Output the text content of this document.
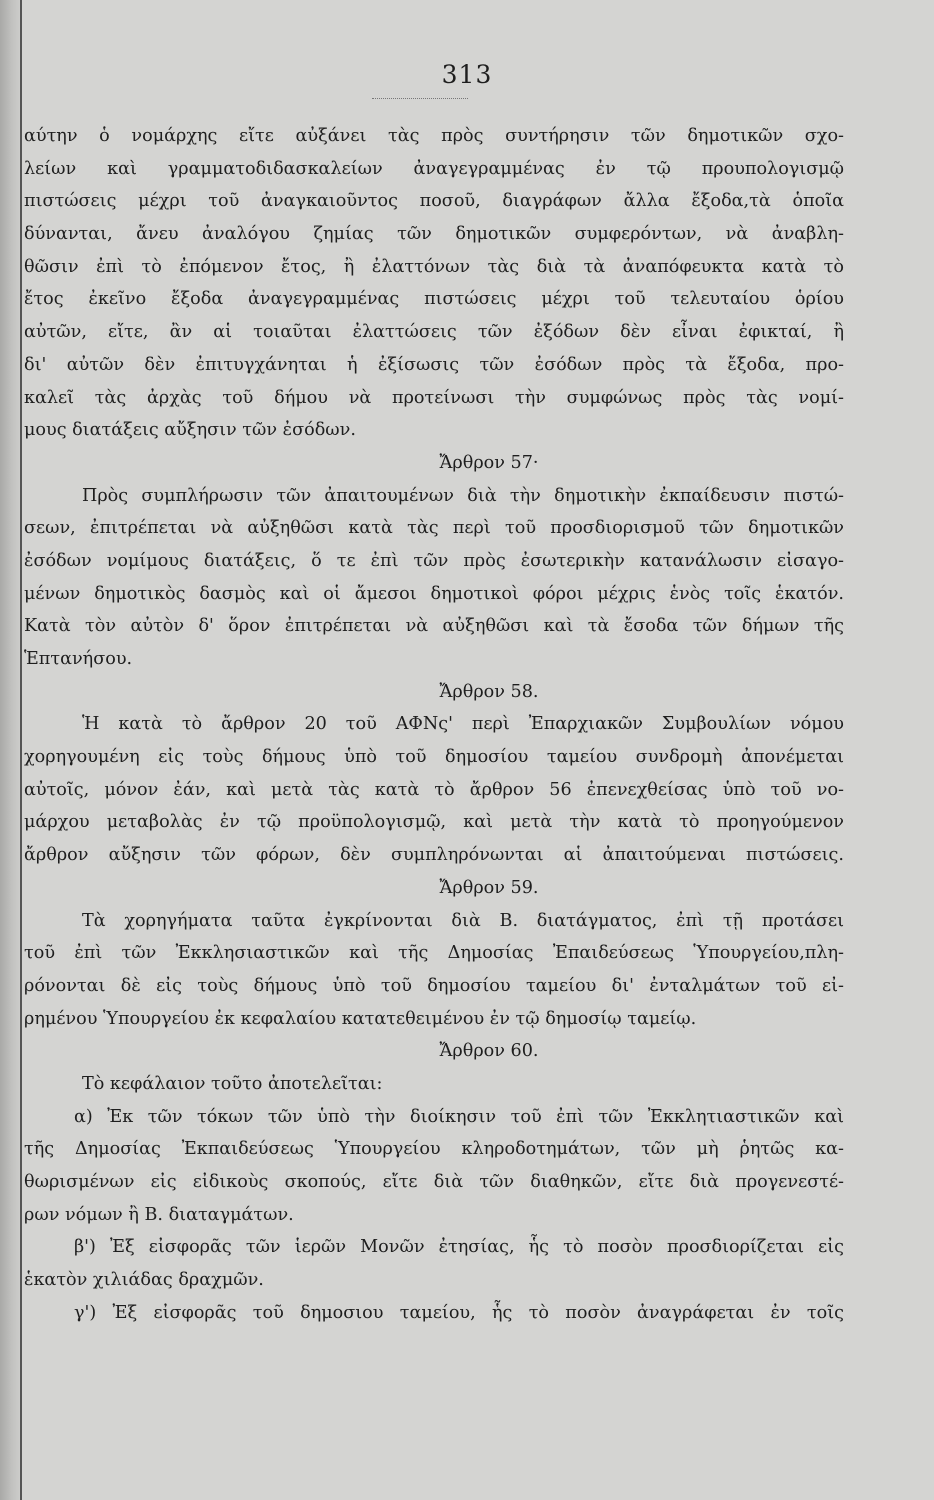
313
αύτην ὁ νομάρχης εἴτε αὐξάνει τὰς πρὸς συντήρησιν τῶν δημοτικῶν σχο-
λείων καὶ γραμματοδιδασκαλείων ἀναγεγραμμένας ἐν τῷ προυπολογισμῷ
πιστώσεις μέχρι τοῦ ἀναγκαιοῦντος ποσοῦ, διαγράφων ἄλλα ἔξοδα,τὰ ὁποῖα
δύνανται, ἄνευ ἀναλόγου ζημίας τῶν δημοτικῶν συμφερόντων, νὰ ἀναβλη-
θῶσιν ἐπὶ τὸ ἐπόμενον ἔτος, ἢ ἐλαττόνων τὰς διὰ τὰ ἀναπόφευκτα κατὰ τὸ
ἔτος ἐκεῖνο ἔξοδα ἀναγεγραμμένας πιστώσεις μέχρι τοῦ τελευταίου ὁρίου
αὐτῶν, εἴτε, ἂν αἱ τοιαῦται ἐλαττώσεις τῶν ἐξόδων δὲν εἶναι ἐφικταί, ἢ
δι' αὐτῶν δὲν ἐπιτυγχάνηται ἡ ἐξίσωσις τῶν ἐσόδων πρὸς τὰ ἔξοδα, προ-
καλεῖ τὰς ἀρχὰς τοῦ δήμου νὰ προτείνωσι τὴν συμφώνως πρὸς τὰς νομί-
μους διατάξεις αὔξησιν τῶν ἐσόδων.
Ἄρθρον 57·
Πρὸς συμπλήρωσιν τῶν ἀπαιτουμένων διὰ τὴν δημοτικὴν ἐκπαίδευσιν πιστώ-
σεων, ἐπιτρέπεται νὰ αὐξηθῶσι κατὰ τὰς περὶ τοῦ προσδιορισμοῦ τῶν δημοτικῶν
ἐσόδων νομίμους διατάξεις, ὅ τε ἐπὶ τῶν πρὸς ἐσωτερικὴν κατανάλωσιν εἰσαγο-
μένων δημοτικὸς δασμὸς καὶ οἱ ἄμεσοι δημοτικοὶ φόροι μέχρις ἑνὸς τοῖς ἑκατόν.
Κατὰ τὸν αὐτὸν δ' ὅρον ἐπιτρέπεται νὰ αὐξηθῶσι καὶ τὰ ἔσοδα τῶν δήμων τῆς
Ἑπτανήσου.
Ἄρθρον 58.
Ἡ κατὰ τὸ ἄρθρον 20 τοῦ ΑΦΝς' περὶ Ἐπαρχιακῶν Συμβουλίων νόμου
χορηγουμένη εἰς τοὺς δήμους ὑπὸ τοῦ δημοσίου ταμείου συνδρομὴ ἀπονέμεται
αὐτοῖς, μόνον ἐάν, καὶ μετὰ τὰς κατὰ τὸ ἄρθρον 56 ἐπενεχθείσας ὑπὸ τοῦ νο-
μάρχου μεταβολὰς ἐν τῷ προϋπολογισμῷ, καὶ μετὰ τὴν κατὰ τὸ προηγούμενον
ἄρθρον αὔξησιν τῶν φόρων, δὲν συμπληρόνωνται αἱ ἀπαιτούμεναι πιστώσεις.
Ἄρθρον 59.
Τὰ χορηγήματα ταῦτα ἐγκρίνονται διὰ Β. διατάγματος, ἐπὶ τῇ προτάσει
τοῦ ἐπὶ τῶν Ἐκκλησιαστικῶν καὶ τῆς Δημοσίας Ἐπαιδεύσεως Ὑπουργείου,πλη-
ρόνονται δὲ εἰς τοὺς δήμους ὑπὸ τοῦ δημοσίου ταμείου δι' ἐνταλμάτων τοῦ εἰ-
ρημένου Ὑπουργείου ἐκ κεφαλαίου κατατεθειμένου ἐν τῷ δημοσίῳ ταμείῳ.
Ἄρθρον 60.
Τὸ κεφάλαιον τοῦτο ἀποτελεῖται:
α) Ἐκ τῶν τόκων τῶν ὑπὸ τὴν διοίκησιν τοῦ ἐπὶ τῶν Ἐκκλητιαστικῶν καὶ
τῆς Δημοσίας Ἐκπαιδεύσεως Ὑπουργείου κληροδοτημάτων, τῶν μὴ ῥητῶς κα-
θωρισμένων εἰς εἰδικοὺς σκοπούς, εἴτε διὰ τῶν διαθηκῶν, εἴτε διὰ προγενεστέ-
ρων νόμων ἢ Β. διαταγμάτων.
β') Ἐξ εἰσφορᾶς τῶν ἱερῶν Μονῶν ἐτησίας, ἧς τὸ ποσὸν προσδιορίζεται εἰς
ἑκατὸν χιλιάδας δραχμῶν.
γ') Ἐξ εἰσφορᾶς τοῦ δημοσιου ταμείου, ἧς τὸ ποσὸν ἀναγράφεται ἐν τοῖς
